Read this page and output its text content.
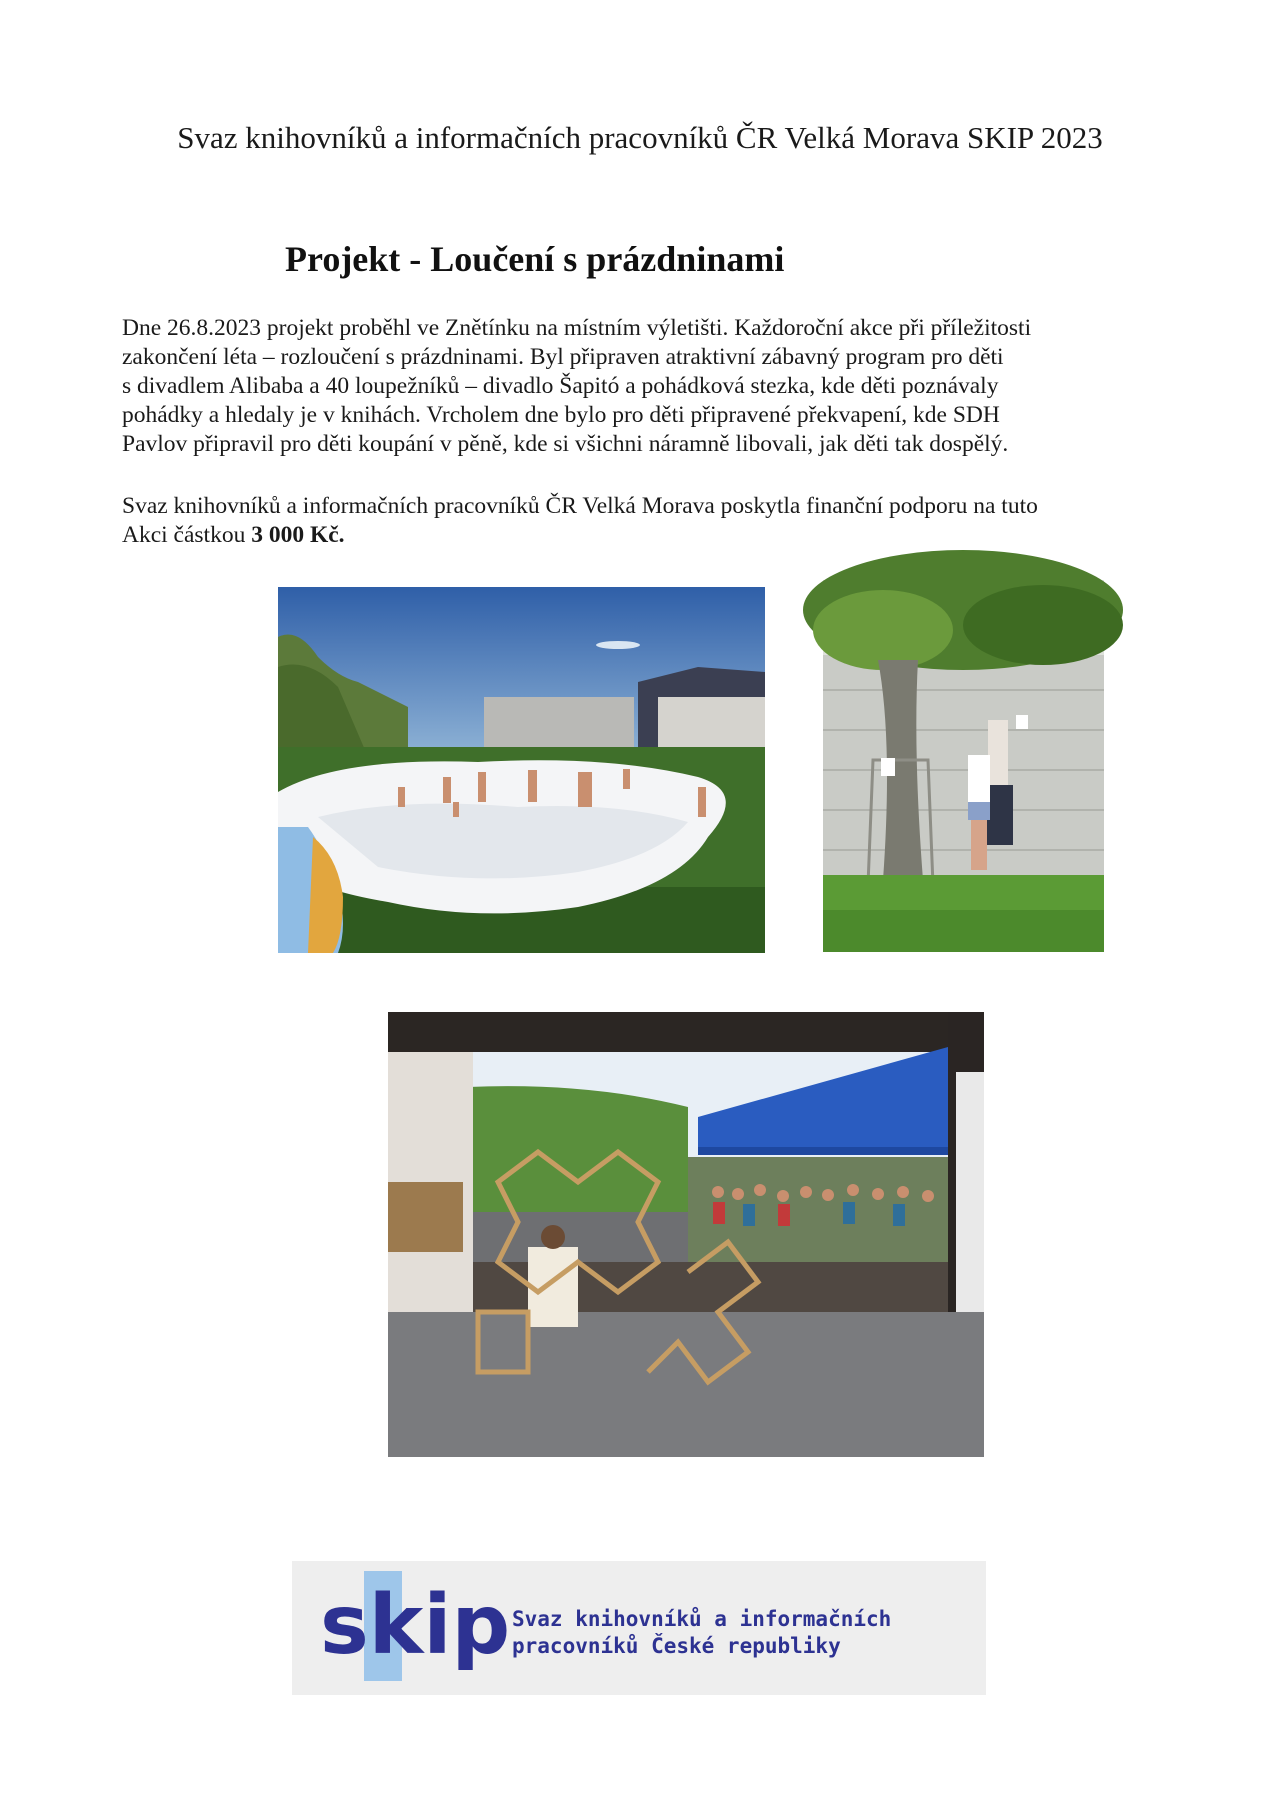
Svaz knihovníků a informačních pracovníků ČR Velká Morava SKIP 2023
Projekt - Loučení s prázdninami
Dne 26.8.2023 projekt proběhl ve Znětínku na místním výletišti. Každoroční akce při příležitosti
zakončení léta – rozloučení s prázdninami. Byl připraven atraktivní zábavný program pro děti
s divadlem Alibaba a 40 loupežníků – divadlo Šapitó a pohádková stezka, kde děti poznávaly
pohádky a hledaly je v knihách. Vrcholem dne bylo pro děti připravené překvapení, kde SDH
Pavlov připravil pro děti koupání v pěně, kde si všichni náramně libovali, jak děti tak dospělý.
Svaz knihovníků a informačních pracovníků ČR Velká Morava poskytla finanční podporu na tuto
Akci částkou 3 000 Kč.
skip Svaz knihovníků a informačních
pracovníků České republiky
